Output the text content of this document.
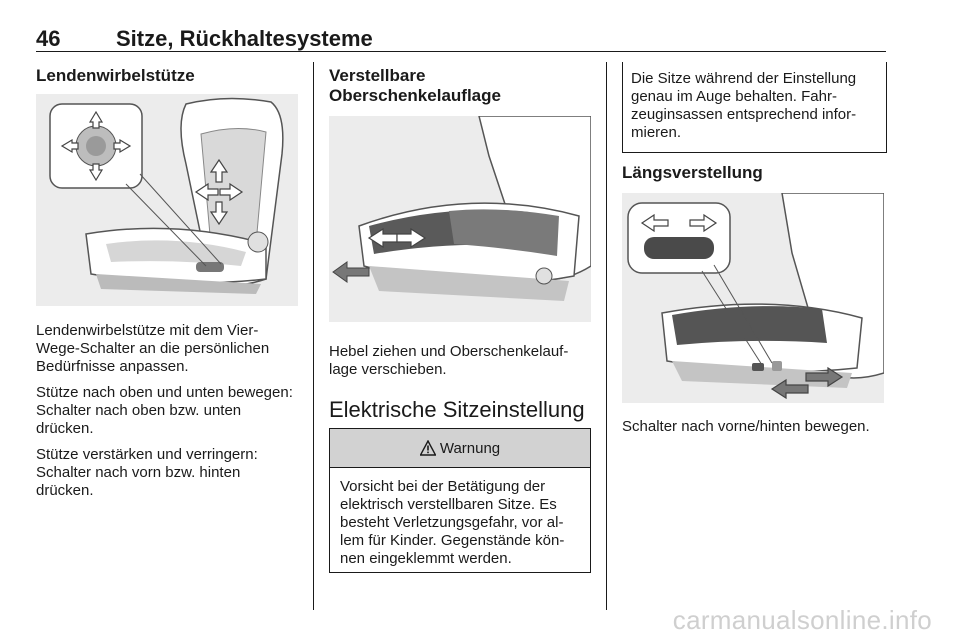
46	Sitze, Rückhaltesysteme
Lendenwirbelstütze

Lendenwirbelstütze mit dem Vier-Wege-Schalter an die persönlichen Bedürfnisse anpassen.

Stütze nach oben und unten bewegen: Schalter nach oben bzw. unten drücken.

Stütze verstärken und verringern: Schalter nach vorn bzw. hinten drücken.

Verstellbare
Oberschenkelauflage
Hebel ziehen und Oberschenkelauflage verschieben.
Elektrische Sitzeinstellung
Warnung
Vorsicht bei der Betätigung der elektrisch verstellbaren Sitze. Es besteht Verletzungsgefahr, vor allem für Kinder. Gegenstände können eingeklemmt werden.
Die Sitze während der Einstellung genau im Auge behalten. Fahrzeuginsassen entsprechend informieren.
Längsverstellung
Schalter nach vorne/hinten bewegen.
carmanualsonline.info
